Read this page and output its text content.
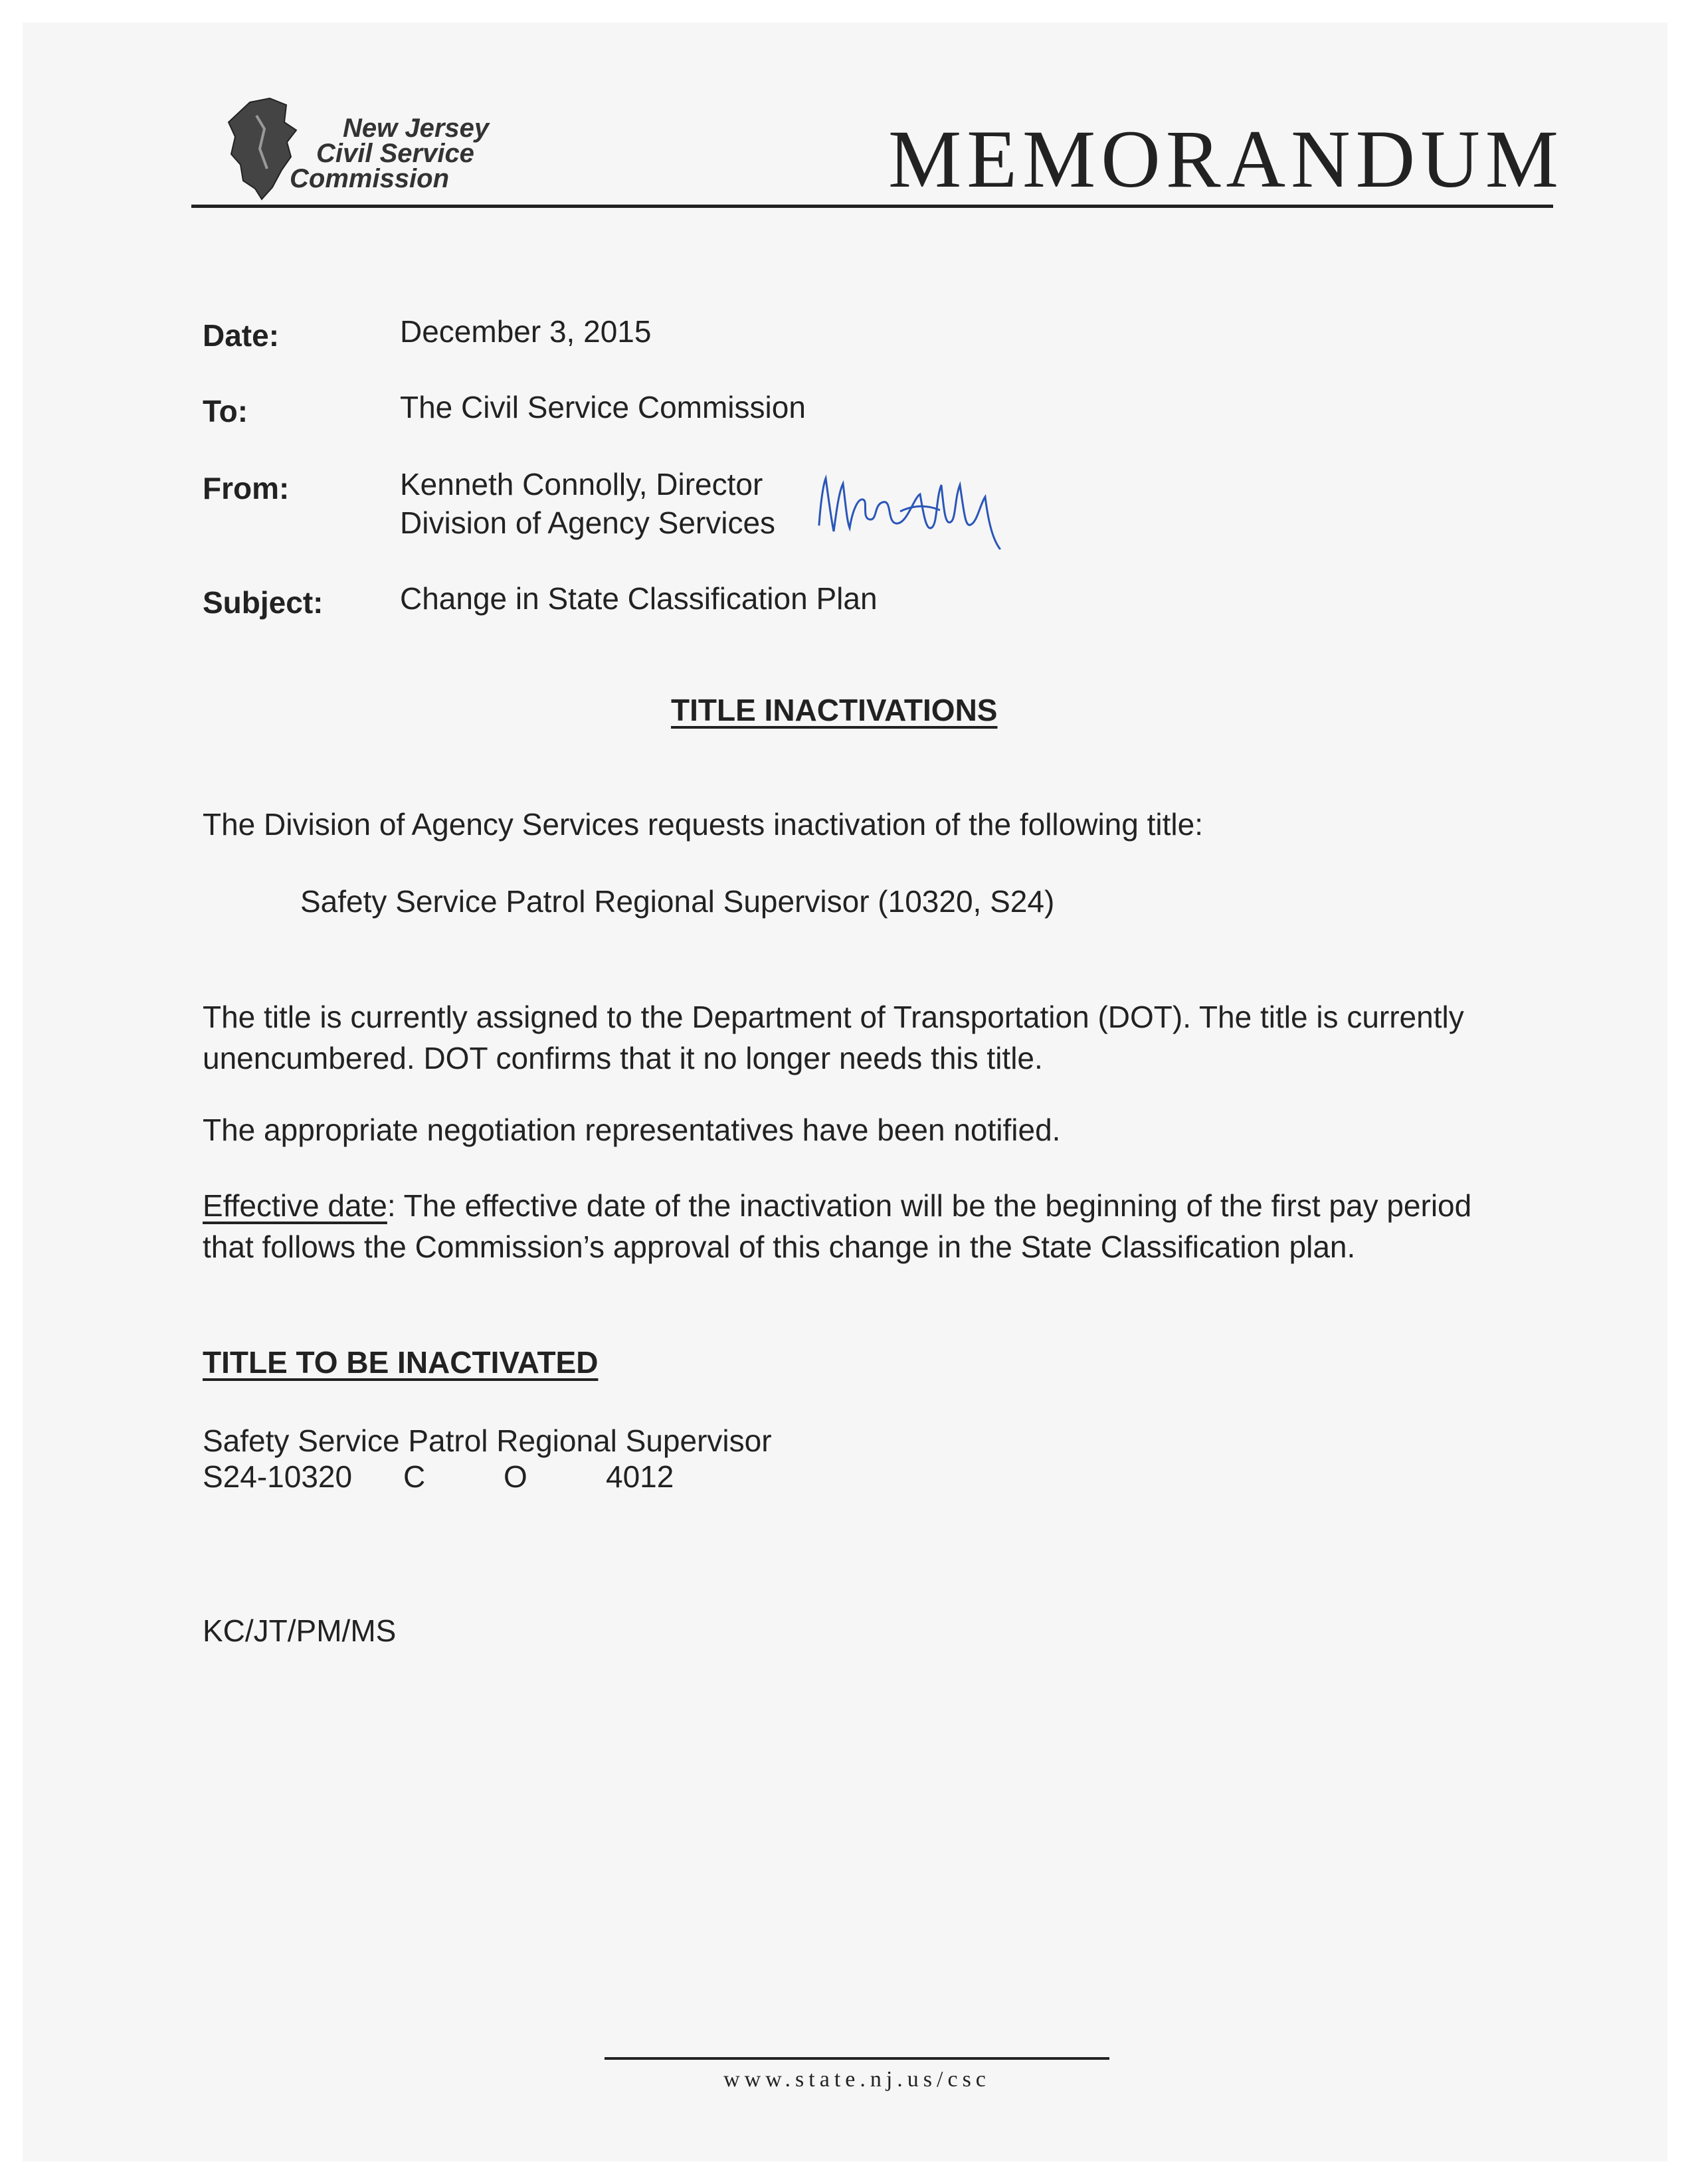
New Jersey
Civil Service
Commission	MEMORANDUM
Date:	December 3, 2015
To:	The Civil Service Commission
From:	Kenneth Connolly, Director
Division of Agency Services
Subject:	Change in State Classification Plan
TITLE INACTIVATIONS
The Division of Agency Services requests inactivation of the following title:
Safety Service Patrol Regional Supervisor (10320, S24)
The title is currently assigned to the Department of Transportation (DOT). The title is currently unencumbered. DOT confirms that it no longer needs this title.
The appropriate negotiation representatives have been notified.
Effective date: The effective date of the inactivation will be the beginning of the first pay period that follows the Commission’s approval of this change in the State Classification plan.
TITLE TO BE INACTIVATED
Safety Service Patrol Regional Supervisor
S24-10320 C	O	4012
KC/JT/PM/MS
www.state.nj.us/csc
